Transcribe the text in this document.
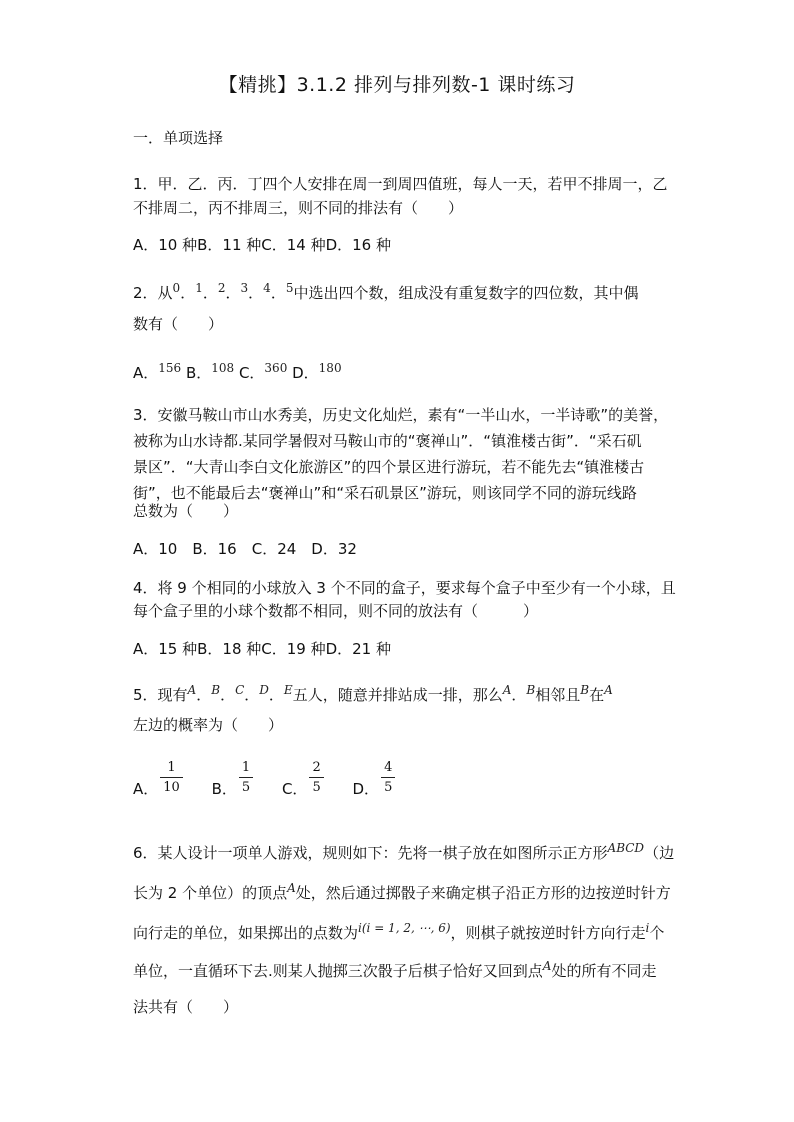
【精挑】3.1.2 排列与排列数-1 课时练习
一．单项选择
1．甲．乙．丙．丁四个人安排在周一到周四值班，每人一天，若甲不排周一，乙
不排周二，丙不排周三，则不同的排法有（　　）
A．10 种B．11 种C．14 种D．16 种
2．从$^0$．$^1$．$^2$．$^3$．$^4$．$^5$中选出四个数，组成没有重复数字的四位数，其中偶
数有（　　）
A．$^{156}$ B．$^{108}$ C．$^{360}$ D．$^{180}$
3．安徽马鞍山市山水秀美，历史文化灿烂，素有“一半山水，一半诗歌”的美誉，
被称为山水诗都.某同学暑假对马鞍山市的“褒禅山”．“镇淮楼古街”．“采石矶
景区”．“大青山李白文化旅游区”的四个景区进行游玩，若不能先去“镇淮楼古
街”，也不能最后去“褒禅山”和“采石矶景区”游玩，则该同学不同的游玩线路
总数为（　　）
A．10　B．16　C．24　D．32
4．将 9 个相同的小球放入 3 个不同的盒子，要求每个盒子中至少有一个小球，且
每个盒子里的小球个数都不相同，则不同的放法有（　　　）
A．15 种B．18 种C．19 种D．21 种
5．现有$^A$．$^B$．$^C$．$^D$．$^E$五人，随意并排站成一排，那么$^A$．$^B$相邻且$^B$在$^A$
左边的概率为（　　）
A． $\frac{1}{10}$ B． $\frac{1}{5}$ C． $\frac{2}{5}$ D． $\frac{4}{5}$
6．某人设计一项单人游戏，规则如下：先将一棋子放在如图所示正方形$^{ABCD}$（边
长为 2 个单位）的顶点$^A$处，然后通过掷骰子来确定棋子沿正方形的边按逆时针方
向行走的单位，如果掷出的点数为$^{i(i = 1, 2, \cdots, 6)}$，则棋子就按逆时针方向行走$^i$个
单位，一直循环下去.则某人抛掷三次骰子后棋子恰好又回到点$^A$处的所有不同走
法共有（　　）
